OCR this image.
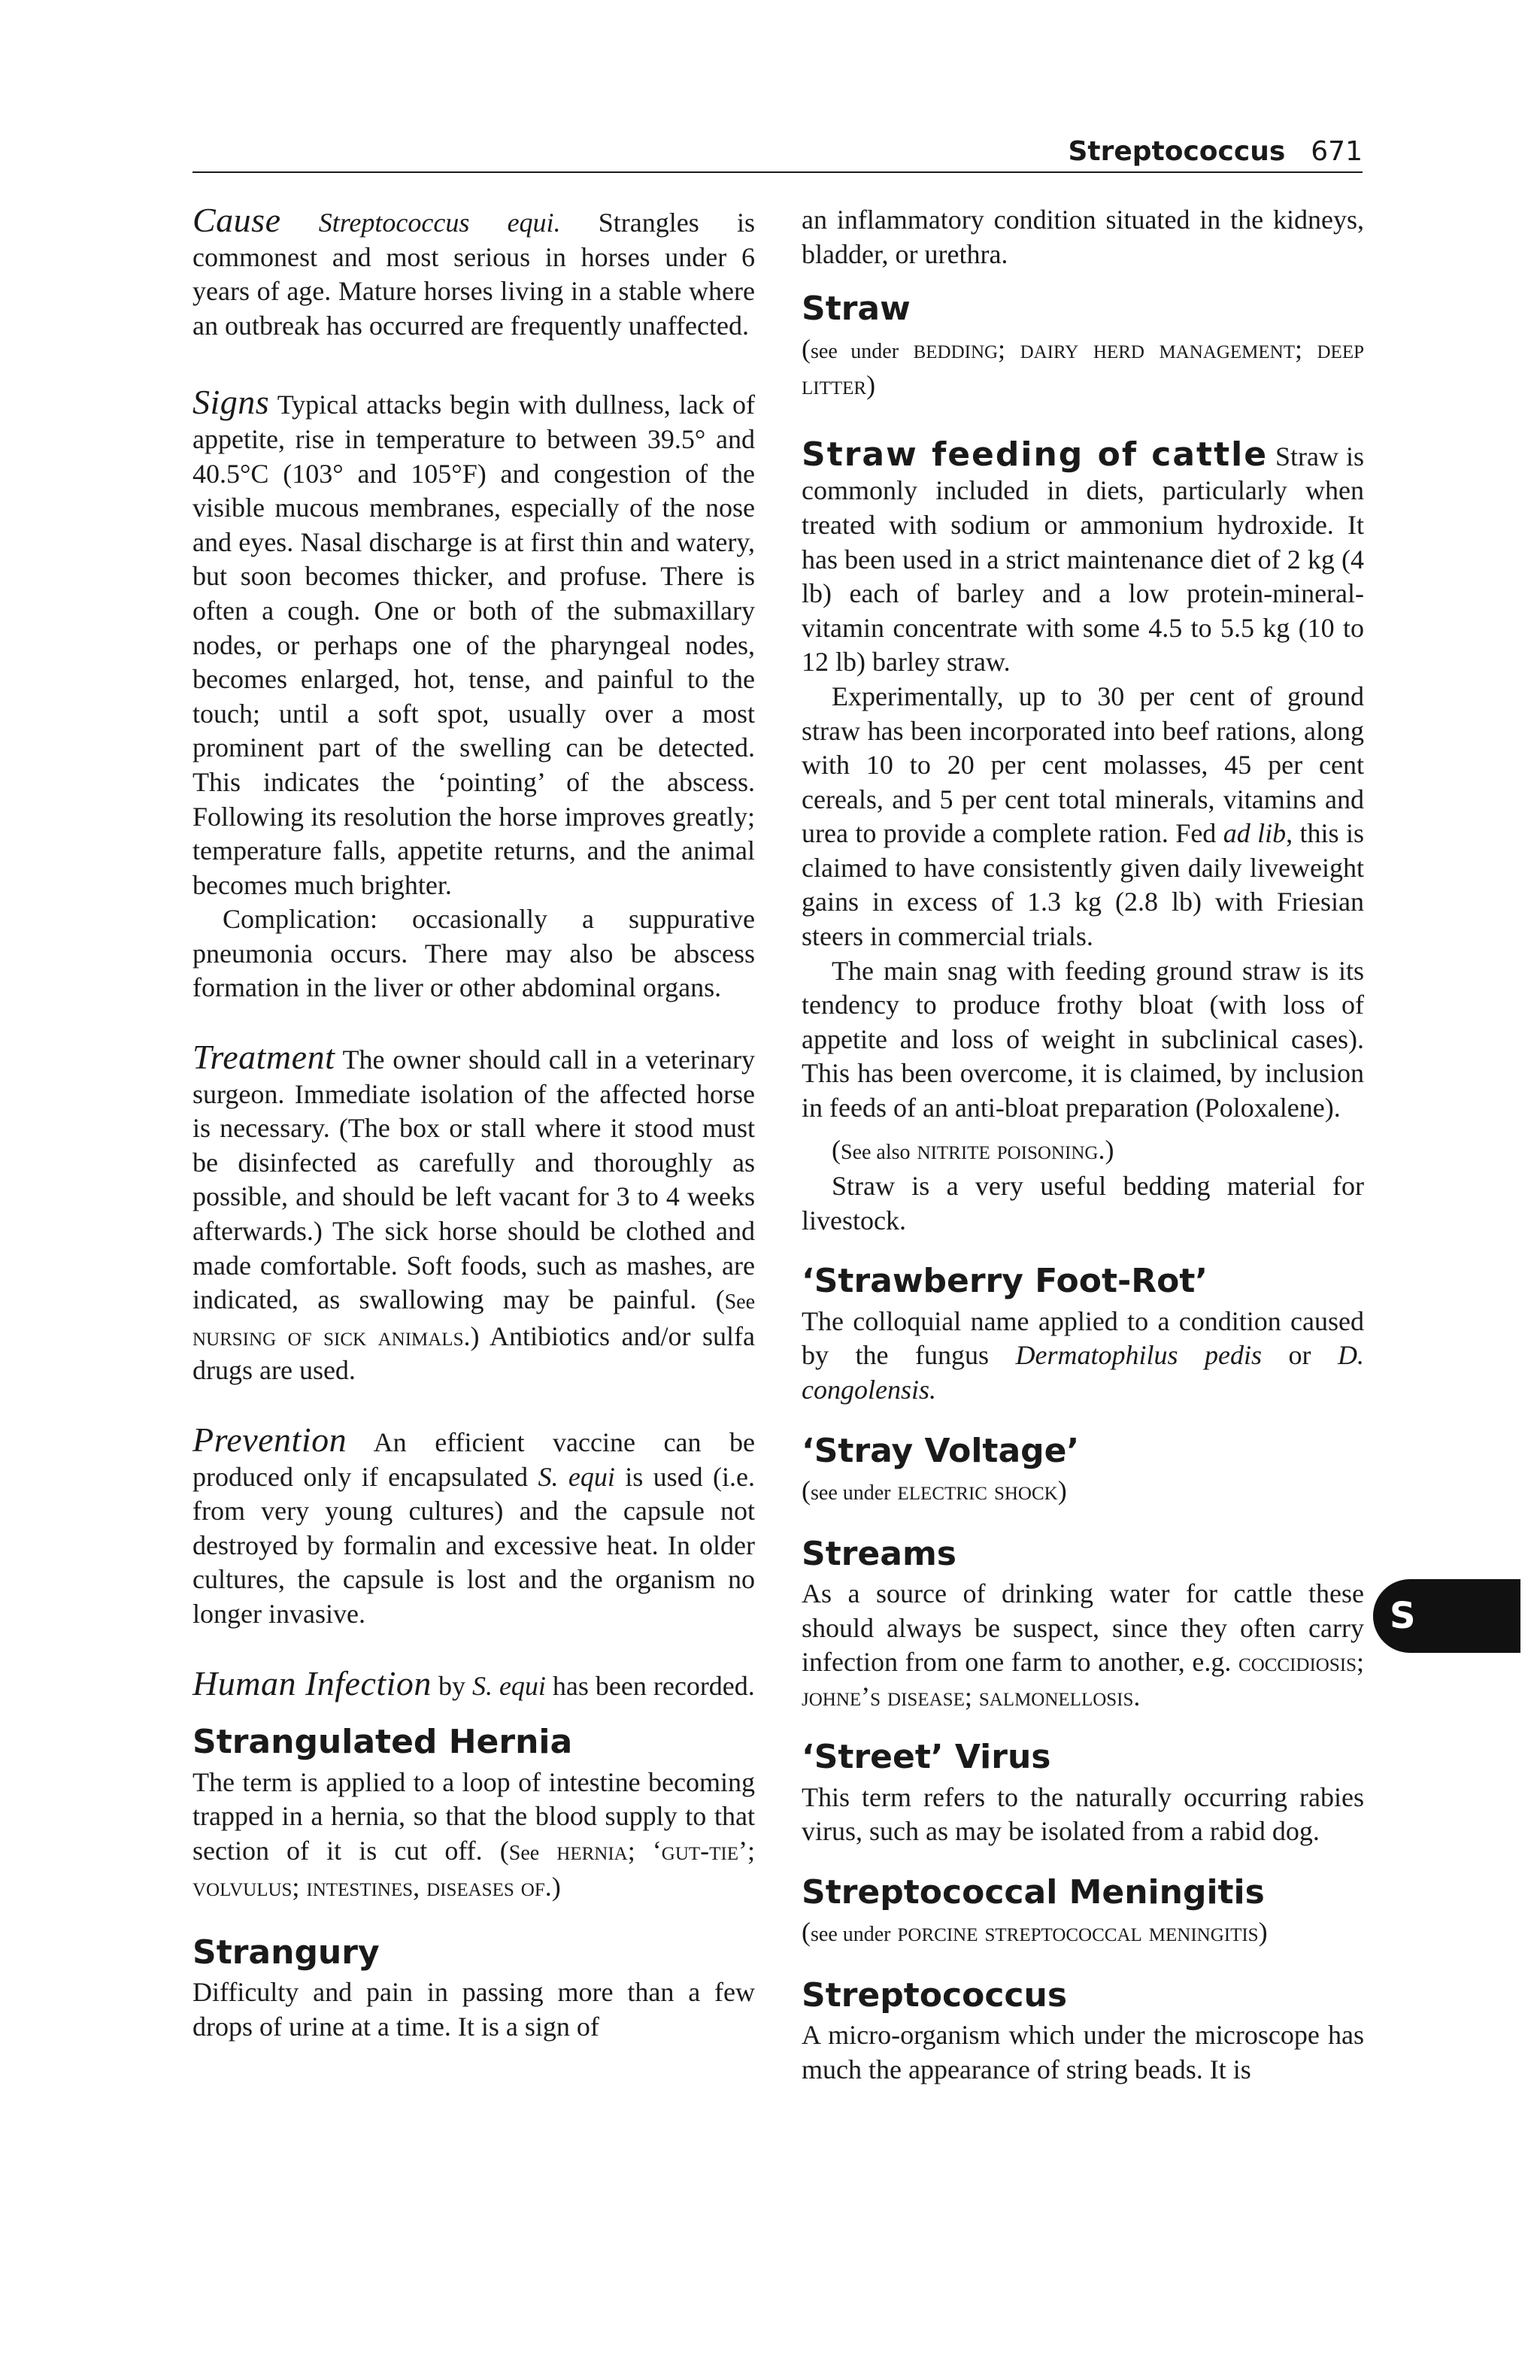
Streptococcus 671

Cause Streptococcus equi. Strangles is commonest and most serious in horses under 6 years of age. Mature horses living in a stable where an outbreak has occurred are frequently unaffected.

Signs Typical attacks begin with dullness, lack of appetite, rise in temperature to between 39.5° and 40.5°C (103° and 105°F) and congestion of the visible mucous membranes, especially of the nose and eyes. Nasal discharge is at first thin and watery, but soon becomes thicker, and profuse. There is often a cough. One or both of the submaxillary nodes, or perhaps one of the pharyngeal nodes, becomes enlarged, hot, tense, and painful to the touch; until a soft spot, usually over a most prominent part of the swelling can be detected. This indicates the ‘pointing’ of the abscess. Following its resolution the horse improves greatly; temperature falls, appetite returns, and the animal becomes much brighter.

Complication: occasionally a suppurative pneumonia occurs. There may also be abscess formation in the liver or other abdominal organs.

Treatment The owner should call in a veterinary surgeon. Immediate isolation of the affected horse is necessary. (The box or stall where it stood must be disinfected as carefully and thoroughly as possible, and should be left vacant for 3 to 4 weeks afterwards.) The sick horse should be clothed and made comfortable. Soft foods, such as mashes, are indicated, as swallowing may be painful. (See nursing of sick animals.) Antibiotics and/or sulfa drugs are used.

Prevention An efficient vaccine can be produced only if encapsulated S. equi is used (i.e. from very young cultures) and the capsule not destroyed by formalin and excessive heat. In older cultures, the capsule is lost and the organism no longer invasive.

Human Infection by S. equi has been recorded.

Strangulated Hernia

The term is applied to a loop of intestine becoming trapped in a hernia, so that the blood supply to that section of it is cut off. (See hernia; ‘gut-tie’; volvulus; intestines, diseases of.)

Strangury

Difficulty and pain in passing more than a few drops of urine at a time. It is a sign of

an inflammatory condition situated in the kidneys, bladder, or urethra.

Straw

(see under bedding; dairy herd management; deep litter)

Straw feeding of cattle Straw is commonly included in diets, particularly when treated with sodium or ammonium hydroxide. It has been used in a strict maintenance diet of 2 kg (4 lb) each of barley and a low protein-mineral-vitamin concentrate with some 4.5 to 5.5 kg (10 to 12 lb) barley straw.

Experimentally, up to 30 per cent of ground straw has been incorporated into beef rations, along with 10 to 20 per cent molasses, 45 per cent cereals, and 5 per cent total minerals, vitamins and urea to provide a complete ration. Fed ad lib, this is claimed to have consistently given daily liveweight gains in excess of 1.3 kg (2.8 lb) with Friesian steers in commercial trials.

The main snag with feeding ground straw is its tendency to produce frothy bloat (with loss of appetite and loss of weight in subclinical cases). This has been overcome, it is claimed, by inclusion in feeds of an anti-bloat preparation (Poloxalene).

(See also nitrite poisoning.)

Straw is a very useful bedding material for livestock.

‘Strawberry Foot-Rot’

The colloquial name applied to a condition caused by the fungus Dermatophilus pedis or D. congolensis.

‘Stray Voltage’

(see under electric shock)

Streams

As a source of drinking water for cattle these should always be suspect, since they often carry infection from one farm to another, e.g. coccidiosis; johne’s disease; salmonellosis.

‘Street’ Virus

This term refers to the naturally occurring rabies virus, such as may be isolated from a rabid dog.

Streptococcal Meningitis

(see under porcine streptococcal meningitis)

Streptococcus

A micro-organism which under the microscope has much the appearance of string beads. It is

S
